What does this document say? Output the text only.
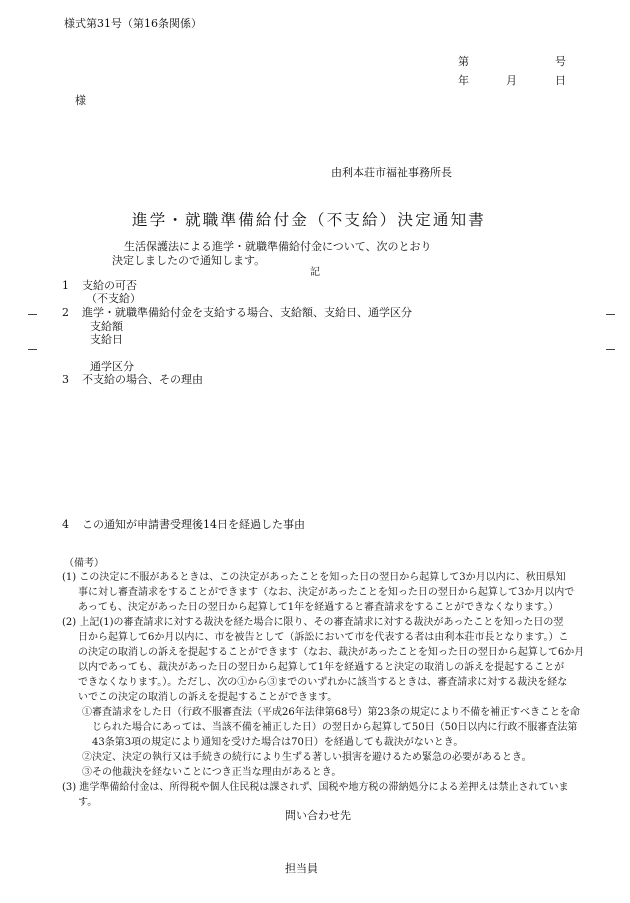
様式第31号（第16条関係）
第	号
年	月	日
様
由利本荘市福祉事務所長
進学・就職準備給付金（不支給）決定通知書
生活保護法による進学・就職準備給付金について、次のとおり
決定しましたので通知します。
記
1 支給の可否
（不支給）
2 進学・就職準備給付金を支給する場合、支給額、支給日、通学区分
支給額
支給日
通学区分
3 不支給の場合、その理由
4 この通知が申請書受理後14日を経過した事由
（備考）
(1) この決定に不服があるときは、この決定があったことを知った日の翌日から起算して3か月以内に、秋田県知
事に対し審査請求をすることができます（なお、決定があったことを知った日の翌日から起算して3か月以内で
あっても、決定があった日の翌日から起算して1年を経過すると審査請求をすることができなくなります。）
(2) 上記(1)の審査請求に対する裁決を経た場合に限り、その審査請求に対する裁決があったことを知った日の翌
日から起算して6か月以内に、市を被告として（訴訟において市を代表する者は由利本荘市長となります。）こ
の決定の取消しの訴えを提起することができます（なお、裁決があったことを知った日の翌日から起算して6か月
以内であっても、裁決があった日の翌日から起算して1年を経過すると決定の取消しの訴えを提起することが
できなくなります。）。ただし、次の①から③までのいずれかに該当するときは、審査請求に対する裁決を経な
いでこの決定の取消しの訴えを提起することができます。
①審査請求をした日（行政不服審査法（平成26年法律第68号）第23条の規定により不備を補正すべきことを命
じられた場合にあっては、当該不備を補正した日）の翌日から起算して50日（50日以内に行政不服審査法第
43条第3項の規定により通知を受けた場合は70日）を経過しても裁決がないとき。
②決定、決定の執行又は手続きの続行により生ずる著しい損害を避けるため緊急の必要があるとき。
③その他裁決を経ないことにつき正当な理由があるとき。
(3) 進学準備給付金は、所得税や個人住民税は課されず、国税や地方税の滞納処分による差押えは禁止されていま
す。
問い合わせ先
担当員
